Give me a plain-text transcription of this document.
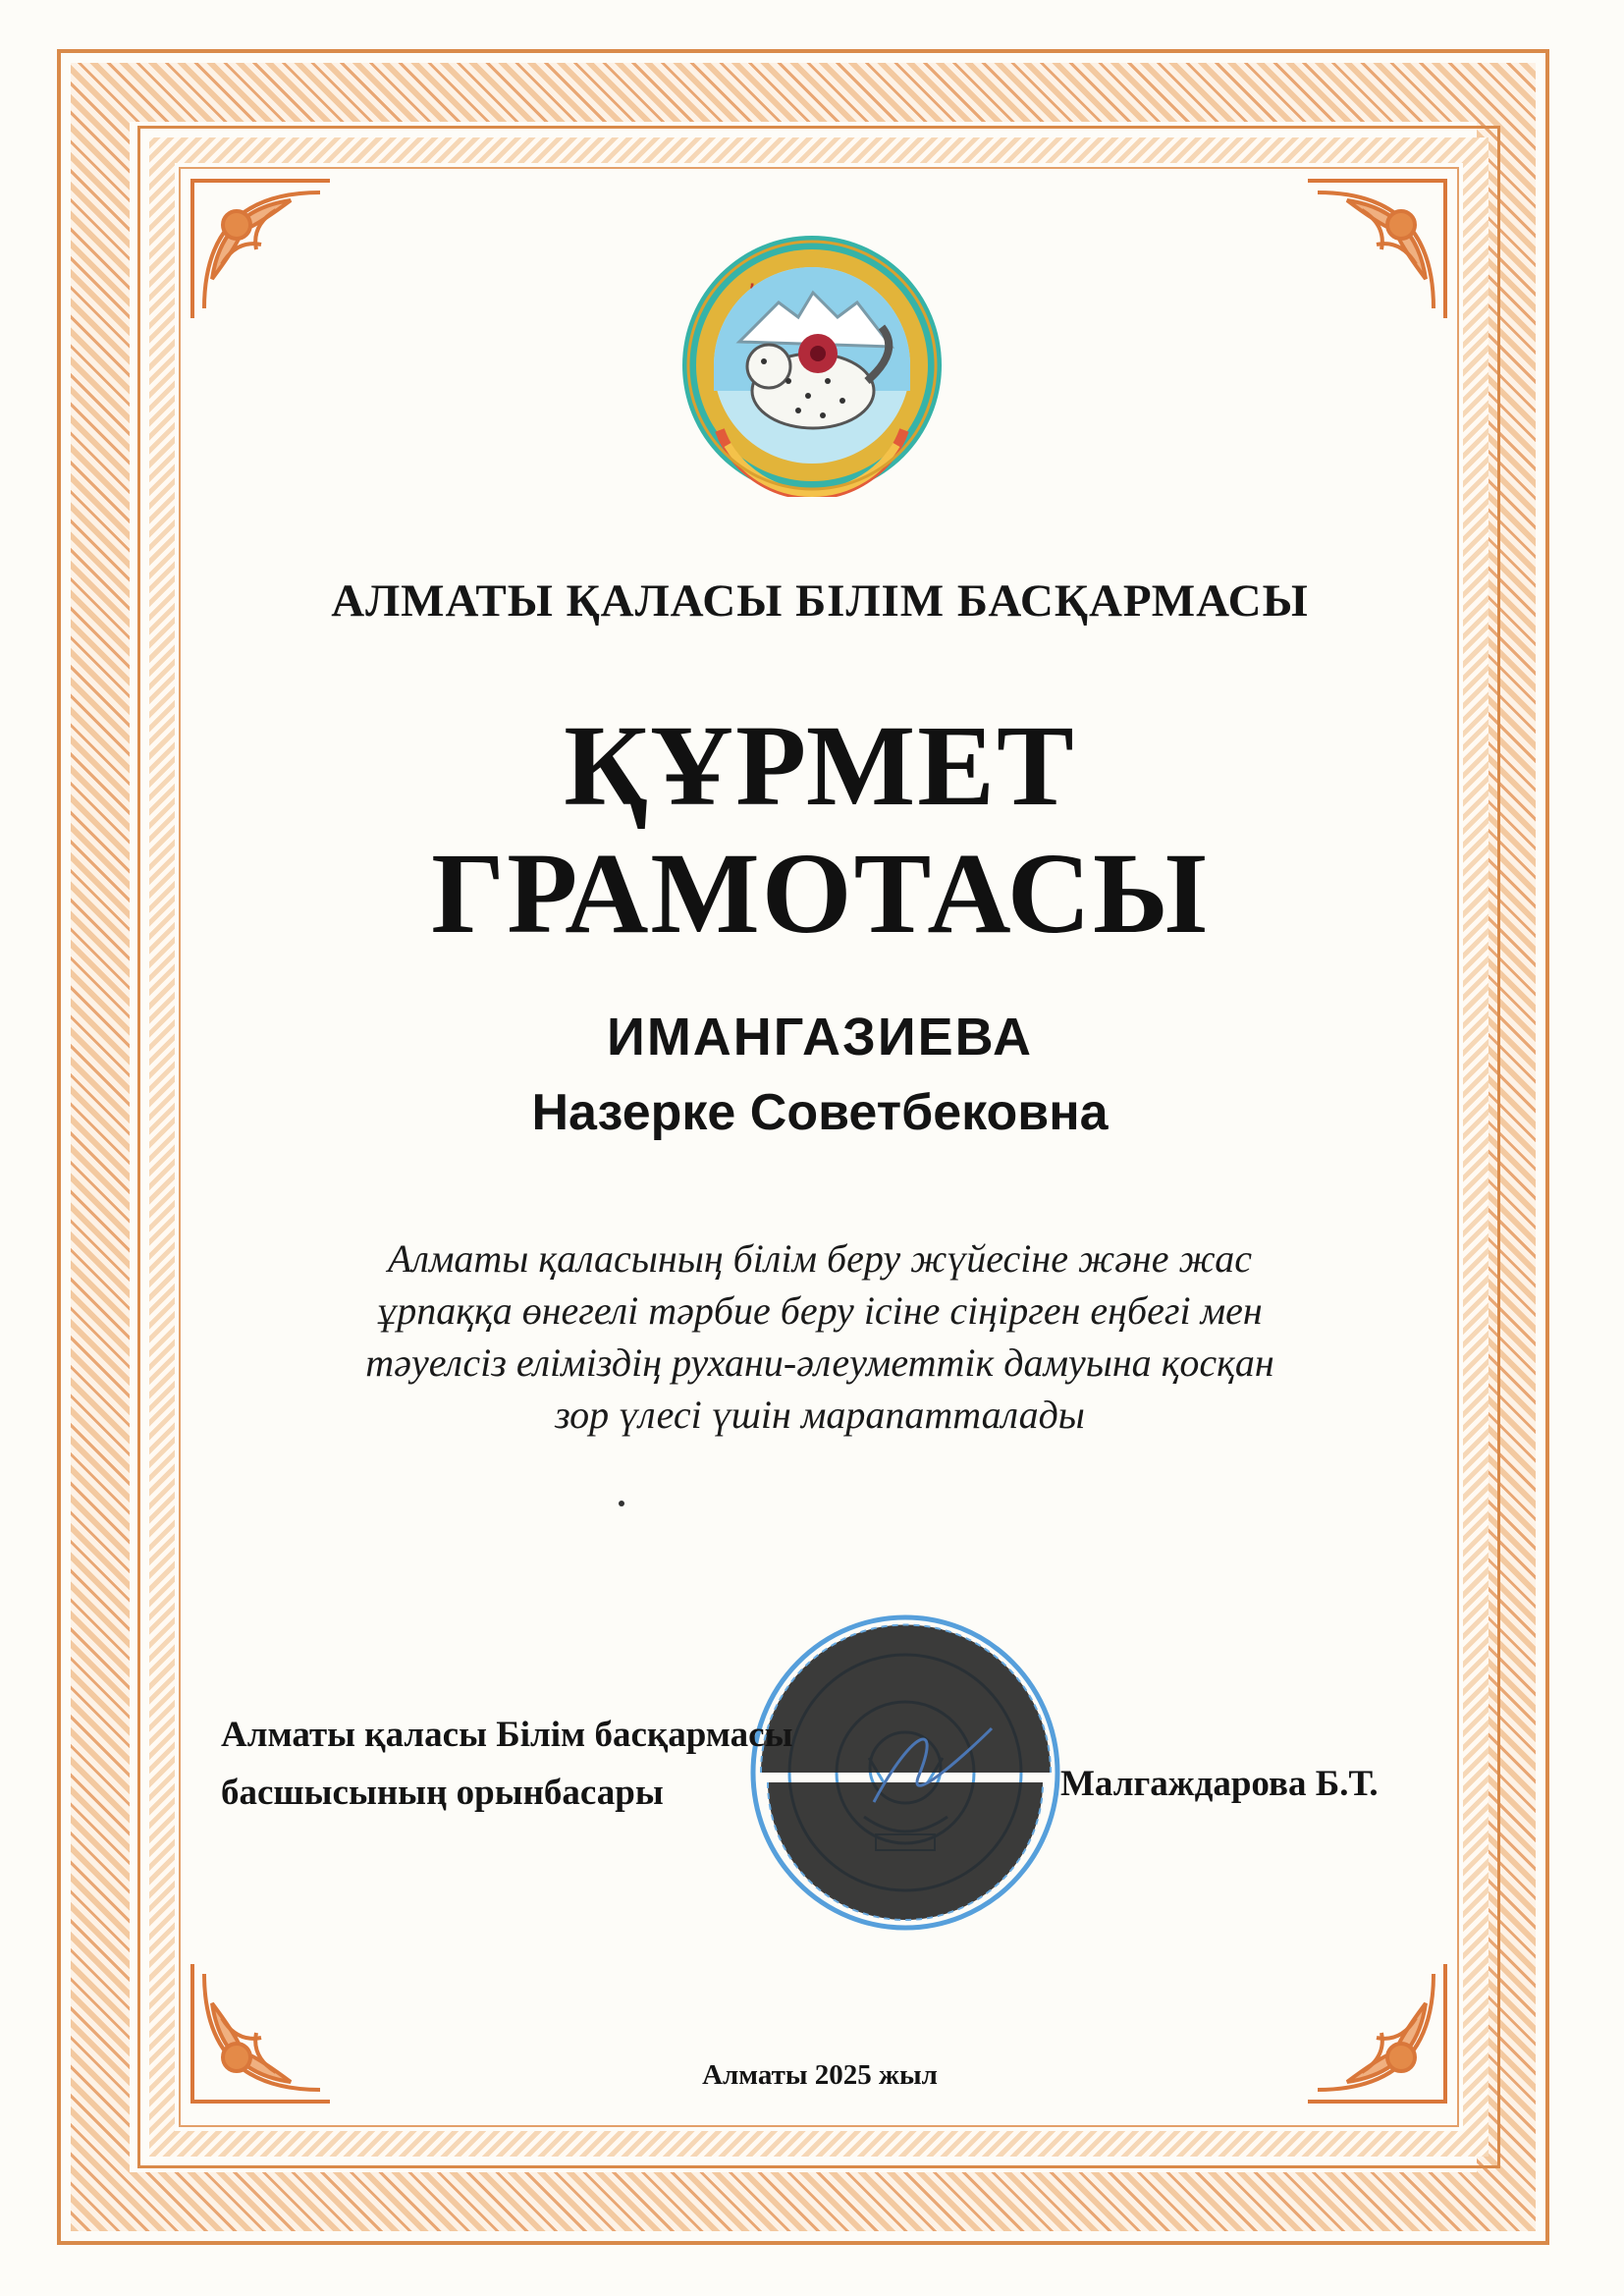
ʼ
АЛМАТЫ ҚАЛАСЫ БІЛІМ БАСҚАРМАСЫ
ҚҰРМЕТ
ГРАМОТАСЫ
ИМАНГАЗИЕВА
Назерке Советбековна
Алматы қаласының білім беру жүйесіне және жас
ұрпаққа өнегелі тәрбие беру ісіне сіңірген еңбегі мен
тәуелсіз еліміздің рухани-әлеуметтік дамуына қосқан
зор үлесі үшін марапатталады
Алматы қаласы Білім басқармасы
басшысының орынбасары	Малгаждарова Б.Т.
Алматы 2025 жыл
